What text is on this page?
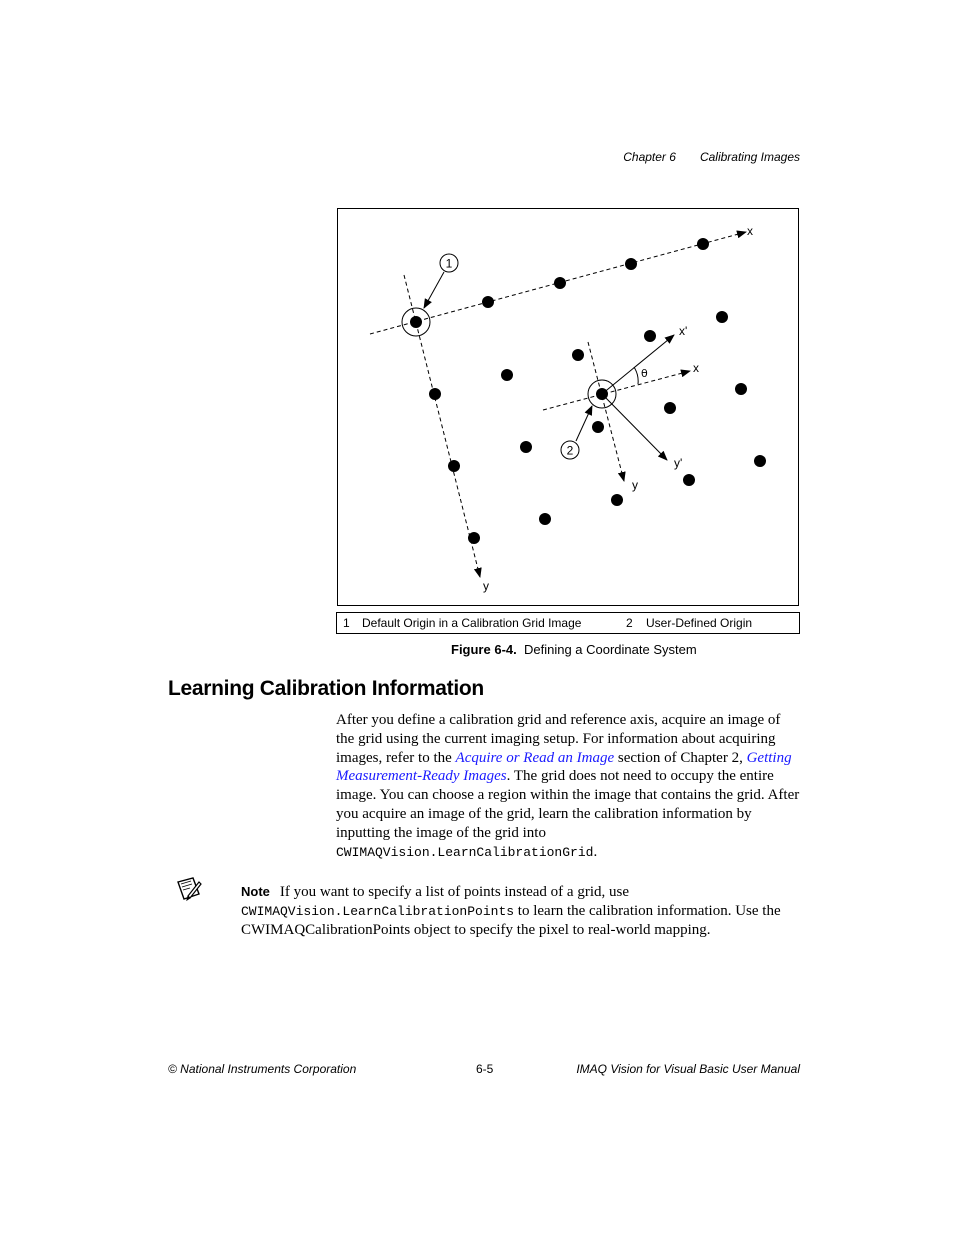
Chapter 6 Calibrating Images
1
2
x
y
x
y
x'
y'
θ
1 Default Origin in a Calibration Grid Image	2 User-Defined Origin
Figure 6-4. Defining a Coordinate System
Learning Calibration Information
After you define a calibration grid and reference axis, acquire an image of the grid using the current imaging setup. For information about acquiring images, refer to the Acquire or Read an Image section of Chapter 2, Getting Measurement-Ready Images. The grid does not need to occupy the entire image. You can choose a region within the image that contains the grid. After you acquire an image of the grid, learn the calibration information by inputting the image of the grid into CWIMAQVision.LearnCalibrationGrid.
Note If you want to specify a list of points instead of a grid, use
CWIMAQVision.LearnCalibrationPoints to learn the calibration information. Use the CWIMAQCalibrationPoints object to specify the pixel to real-world mapping.
© National Instruments Corporation	6-5	IMAQ Vision for Visual Basic User Manual
